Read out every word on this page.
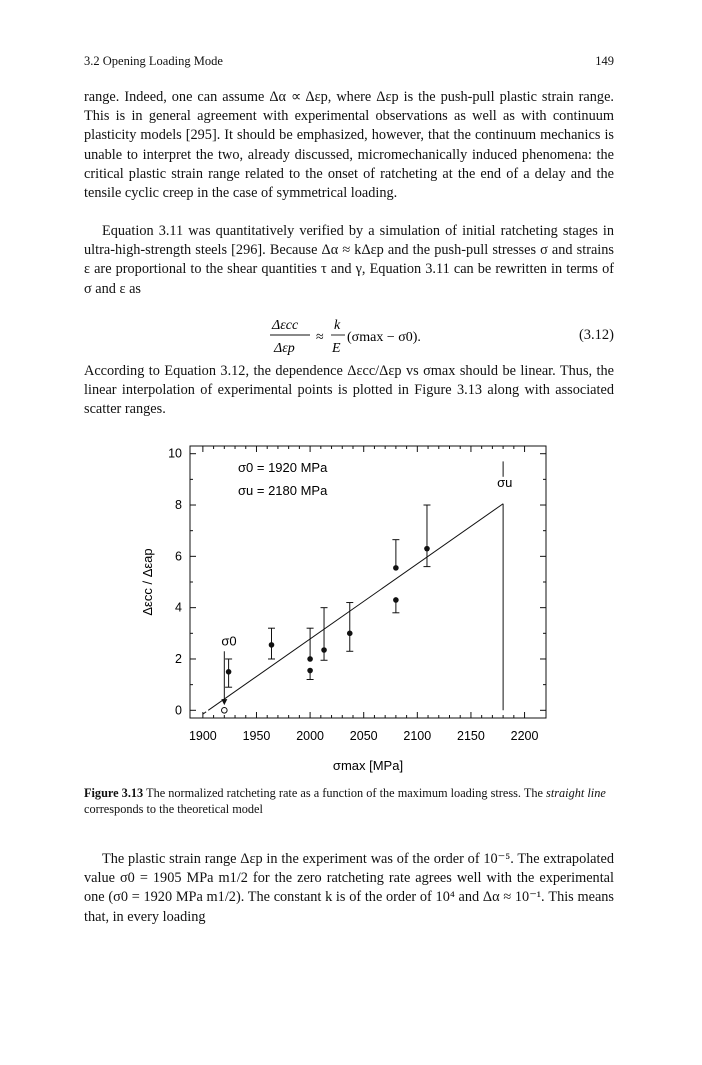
3.2 Opening Loading Mode	149

range. Indeed, one can assume Δα ∝ Δεp, where Δεp is the push-pull plastic strain range. This is in general agreement with experimental observations as well as with continuum plasticity models [295]. It should be emphasized, however, that the continuum mechanics is unable to interpret the two, already discussed, micromechanically induced phenomena: the critical plastic strain range related to the onset of ratcheting at the end of a delay and the tensile cyclic creep in the case of symmetrical loading.

Equation 3.11 was quantitatively verified by a simulation of initial ratcheting stages in ultra-high-strength steels [296]. Because Δα ≈ kΔεp and the push-pull stresses σ and strains ε are proportional to the shear quantities τ and γ, Equation 3.11 can be rewritten in terms of σ and ε as

Δεcc
Δεp
≈
k
E
(σmax − σ0).	(3.12)

According to Equation 3.12, the dependence Δεcc/Δεp vs σmax should be linear. Thus, the linear interpolation of experimental points is plotted in Figure 3.13 along with associated scatter ranges.

1900 1950 2000 2050 2100 2150 2200
0
2
4
6
8
10
σmax [MPa]
Δεcc / Δεap
σ0 = 1920 MPa
σu = 2180 MPa
σ0
σu
Figure 3.13 The normalized ratcheting rate as a function of the maximum loading stress. The straight line corresponds to the theoretical model

The plastic strain range Δεp in the experiment was of the order of 10⁻⁵. The extrapolated value σ0 = 1905 MPa m1/2 for the zero ratcheting rate agrees well with the experimental one (σ0 = 1920 MPa m1/2). The constant k is of the order of 10⁴ and Δα ≈ 10⁻¹. This means that, in every loading
